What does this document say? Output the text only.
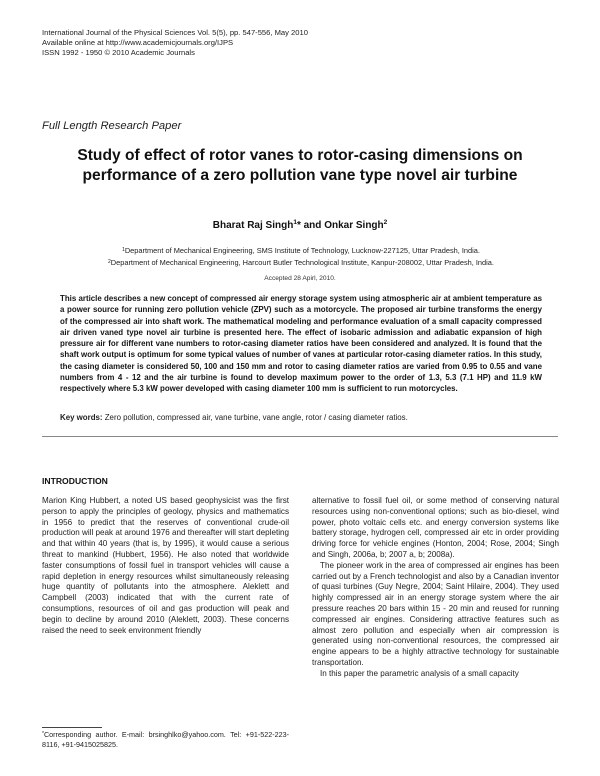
International Journal of the Physical Sciences Vol. 5(5), pp. 547-556, May 2010
Available online at http://www.academicjournals.org/IJPS
ISSN 1992 - 1950 © 2010 Academic Journals
Full Length Research Paper
Study of effect of rotor vanes to rotor-casing dimensions on performance of a zero pollution vane type novel air turbine
Bharat Raj Singh$^1$* and Onkar Singh$^2$
$^1$Department of Mechanical Engineering, SMS Institute of Technology, Lucknow-227125, Uttar Pradesh, India.
$^2$Department of Mechanical Engineering, Harcourt Butler Technological Institute, Kanpur-208002, Uttar Pradesh, India.
Accepted 28 Apirl, 2010.
This article describes a new concept of compressed air energy storage system using atmospheric air at ambient temperature as a power source for running zero pollution vehicle (ZPV) such as a motorcycle. The proposed air turbine transforms the energy of the compressed air into shaft work. The mathematical modeling and performance evaluation of a small capacity compressed air driven vaned type novel air turbine is presented here. The effect of isobaric admission and adiabatic expansion of high pressure air for different vane numbers to rotor-casing diameter ratios have been considered and analyzed. It is found that the shaft work output is optimum for some typical values of number of vanes at particular rotor-casing diameter ratios. In this study, the casing diameter is considered 50, 100 and 150 mm and rotor to casing diameter ratios are varied from 0.95 to 0.55 and vane numbers from 4 - 12 and the air turbine is found to develop maximum power to the order of 1.3, 5.3 (7.1 HP) and 11.9 kW respectively where 5.3 kW power developed with casing diameter 100 mm is sufficient to run motorcycles.
Key words: Zero pollution, compressed air, vane turbine, vane angle, rotor / casing diameter ratios.
INTRODUCTION

Marion King Hubbert, a noted US based geophysicist was the first person to apply the principles of geology, physics and mathematics in 1956 to predict that the reserves of conventional crude-oil production will peak at around 1976 and thereafter will start depleting and that within 40 years (that is, by 1995), it would cause a serious threat to mankind (Hubbert, 1956). He also noted that worldwide faster consumptions of fossil fuel in transport vehicles will cause a rapid depletion in energy resources whilst simultaneously releasing huge quantity of pollutants into the atmosphere. Aleklett and Campbell (2003) indicated that with the current rate of consumptions, resources of oil and gas production will peak and begin to decline by around 2010 (Aleklett, 2003). These concerns raised the need to seek environment friendly

alternative to fossil fuel oil, or some method of conserving natural resources using non-conventional options; such as bio-diesel, wind power, photo voltaic cells etc. and energy conversion systems like battery storage, hydrogen cell, compressed air etc in order providing driving force for vehicle engines (Honton, 2004; Rose, 2004; Singh and Singh, 2006a, b; 2007 a, b; 2008a).

The pioneer work in the area of compressed air engines has been carried out by a French technologist and also by a Canadian inventor of quasi turbines (Guy Negre, 2004; Saint Hilaire, 2004). They used highly compressed air in an energy storage system where the air pressure reaches 20 bars within 15 - 20 min and reused for running compressed air engines. Considering attractive features such as almost zero pollution and especially when air compression is generated using non-conventional resources, the compressed air engine appears to be a highly attractive technology for sustainable transportation.

In this paper the parametric analysis of a small capacity

*Corresponding author. E-mail: brsinghlko@yahoo.com. Tel: +91-522-223-8116, +91-9415025825.
